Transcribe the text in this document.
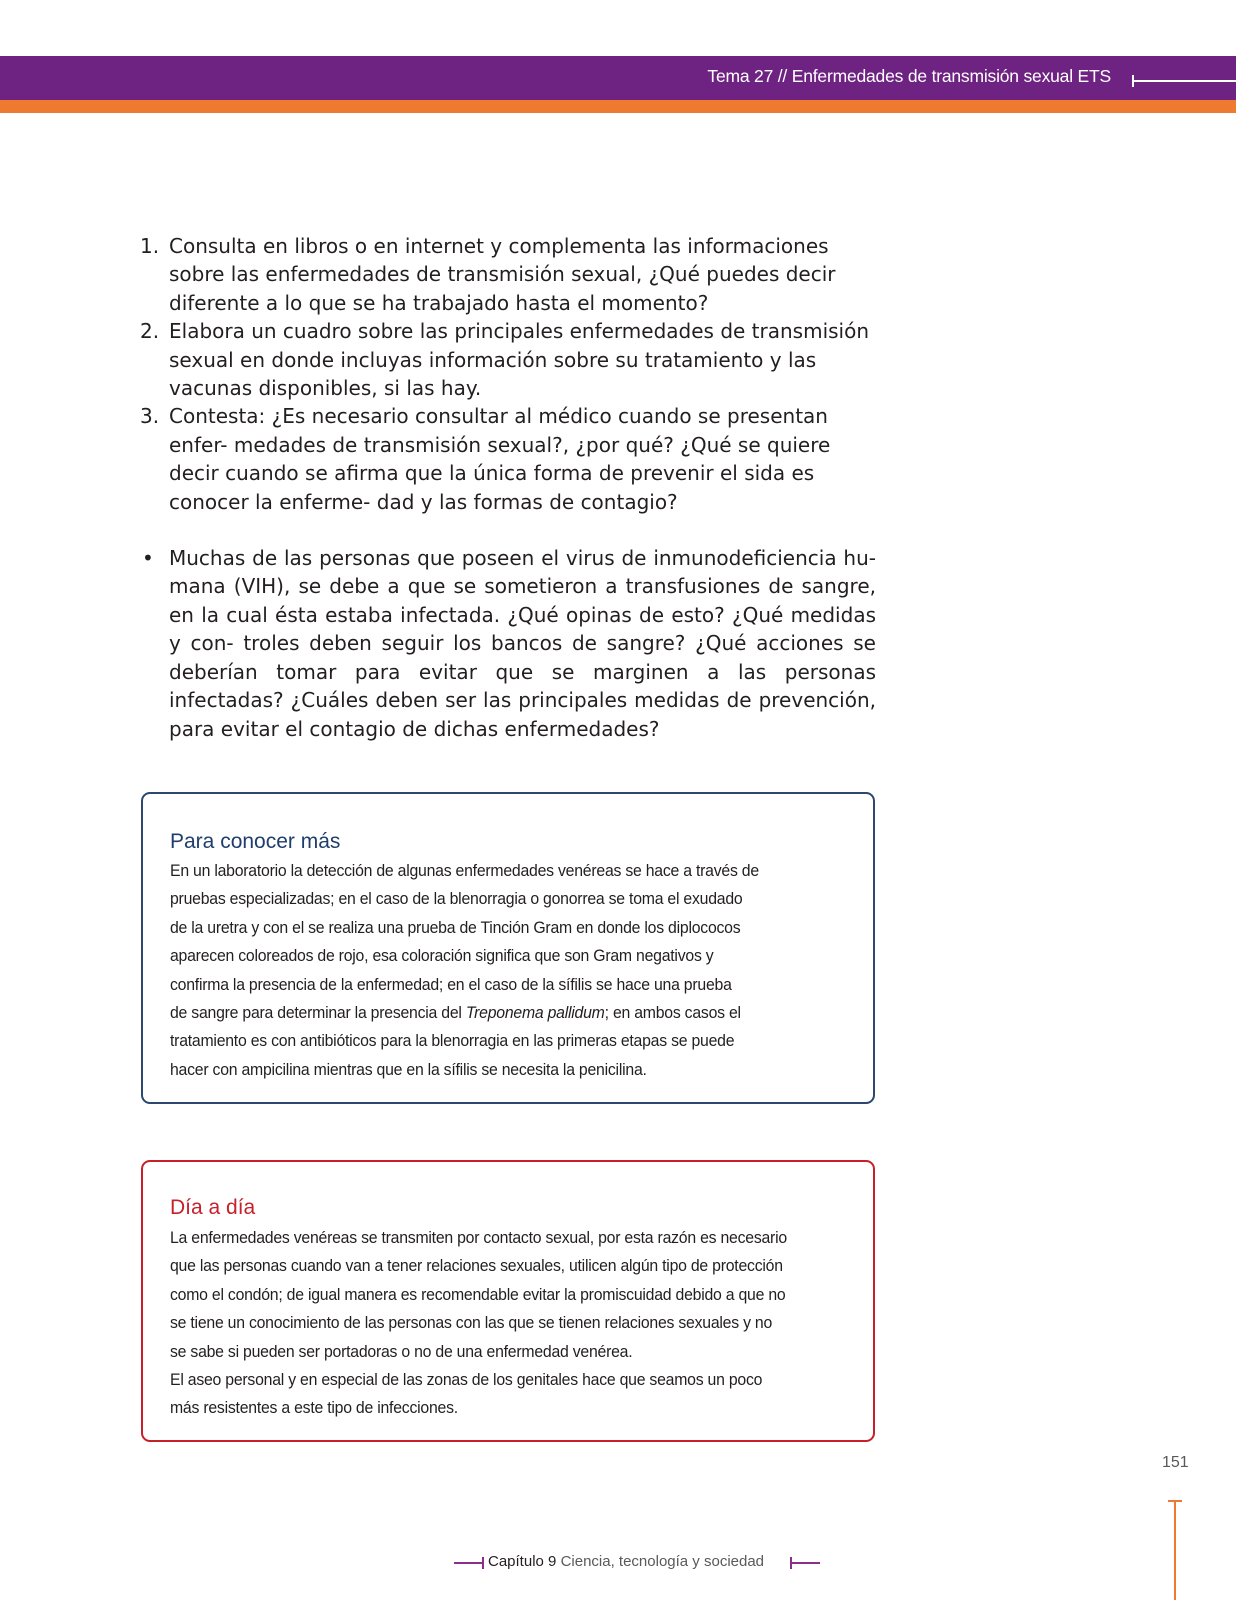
Tema 27 // Enfermedades de transmisión sexual ETS
1. Consulta en libros o en internet y complementa las informaciones sobre las enfermedades de transmisión sexual, ¿Qué puedes decir diferente a lo que se ha trabajado hasta el momento?
2. Elabora un cuadro sobre las principales enfermedades de transmisión sexual en donde incluyas información sobre su tratamiento y las vacunas disponibles, si las hay.
3. Contesta: ¿Es necesario consultar al médico cuando se presentan enfer- medades de transmisión sexual?, ¿por qué? ¿Qué se quiere decir cuando se afirma que la única forma de prevenir el sida es conocer la enferme- dad y las formas de contagio?
• Muchas de las personas que poseen el virus de inmunodeficiencia hu- mana (VIH), se debe a que se sometieron a transfusiones de sangre, en la cual ésta estaba infectada. ¿Qué opinas de esto? ¿Qué medidas y con- troles deben seguir los bancos de sangre? ¿Qué acciones se deberían tomar para evitar que se marginen a las personas infectadas? ¿Cuáles deben ser las principales medidas de prevención, para evitar el contagio de dichas enfermedades?
Para conocer más
En un laboratorio la detección de algunas enfermedades venéreas se hace a través de
pruebas especializadas; en el caso de la blenorragia o gonorrea se toma el exudado
de la uretra y con el se realiza una prueba de Tinción Gram en donde los diplococos
aparecen coloreados de rojo, esa coloración significa que son Gram negativos y
confirma la presencia de la enfermedad; en el caso de la sífilis se hace una prueba
de sangre para determinar la presencia del Treponema pallidum; en ambos casos el
tratamiento es con antibióticos para la blenorragia en las primeras etapas se puede
hacer con ampicilina mientras que en la sífilis se necesita la penicilina.
Día a día
La enfermedades venéreas se transmiten por contacto sexual, por esta razón es necesario
que las personas cuando van a tener relaciones sexuales, utilicen algún tipo de protección
como el condón; de igual manera es recomendable evitar la promiscuidad debido a que no
se tiene un conocimiento de las personas con las que se tienen relaciones sexuales y no
se sabe si pueden ser portadoras o no de una enfermedad venérea.
El aseo personal y en especial de las zonas de los genitales hace que seamos un poco
más resistentes a este tipo de infecciones.
151
Capítulo 9 Ciencia, tecnología y sociedad
